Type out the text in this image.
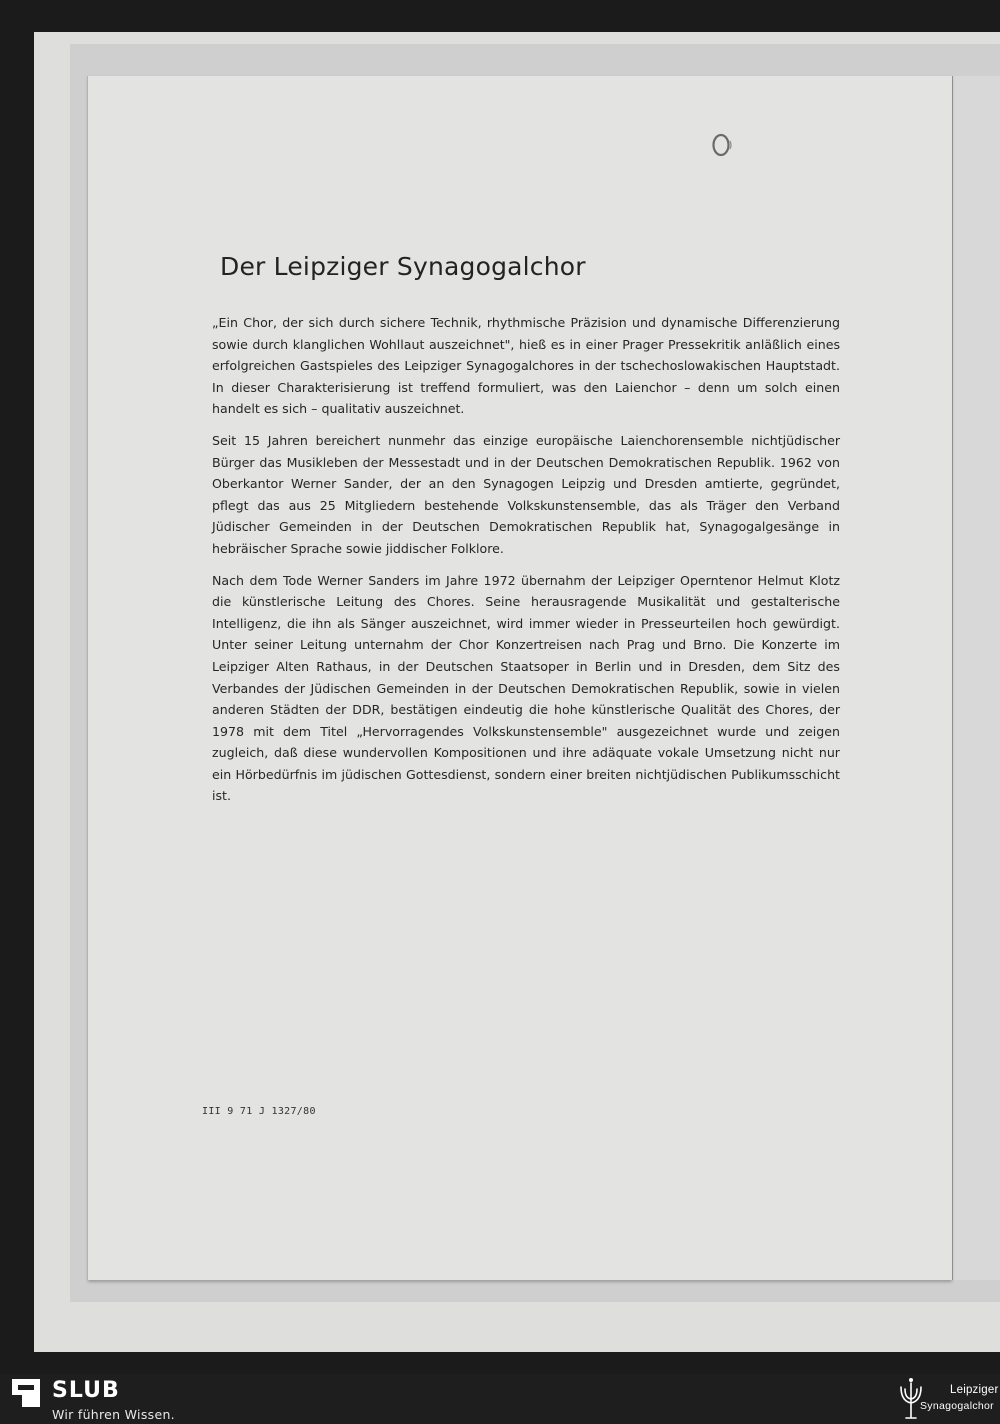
Der Leipziger Synagogalchor

„Ein Chor, der sich durch sichere Technik, rhythmische Präzision und dynamische Differenzierung sowie durch klanglichen Wohllaut auszeichnet", hieß es in einer Prager Pressekritik anläßlich eines erfolgreichen Gastspieles des Leipziger Synagogalchores in der tschechoslowakischen Hauptstadt. In dieser Charakterisierung ist treffend formuliert, was den Laienchor – denn um solch einen handelt es sich – qualitativ auszeichnet.

Seit 15 Jahren bereichert nunmehr das einzige europäische Laienchorensemble nichtjüdischer Bürger das Musikleben der Messestadt und in der Deutschen Demokratischen Republik. 1962 von Oberkantor Werner Sander, der an den Synagogen Leipzig und Dresden amtierte, gegründet, pflegt das aus 25 Mitgliedern bestehende Volkskunstensemble, das als Träger den Verband Jüdischer Gemeinden in der Deutschen Demokratischen Republik hat, Synagogalgesänge in hebräischer Sprache sowie jiddischer Folklore.

Nach dem Tode Werner Sanders im Jahre 1972 übernahm der Leipziger Operntenor Helmut Klotz die künstlerische Leitung des Chores. Seine herausragende Musikalität und gestalterische Intelligenz, die ihn als Sänger auszeichnet, wird immer wieder in Presseurteilen hoch gewürdigt. Unter seiner Leitung unternahm der Chor Konzertreisen nach Prag und Brno. Die Konzerte im Leipziger Alten Rathaus, in der Deutschen Staatsoper in Berlin und in Dresden, dem Sitz des Verbandes der Jüdischen Gemeinden in der Deutschen Demokratischen Republik, sowie in vielen anderen Städten der DDR, bestätigen eindeutig die hohe künstlerische Qualität des Chores, der 1978 mit dem Titel „Hervorragendes Volkskunstensemble" ausgezeichnet wurde und zeigen zugleich, daß diese wundervollen Kompositionen und ihre adäquate vokale Umsetzung nicht nur ein Hörbedürfnis im jüdischen Gottesdienst, sondern einer breiten nichtjüdischen Publikumsschicht ist.

III 9 71 J 1327/80
SLUB
Wir führen Wissen.
Leipziger
Synagogalchor
